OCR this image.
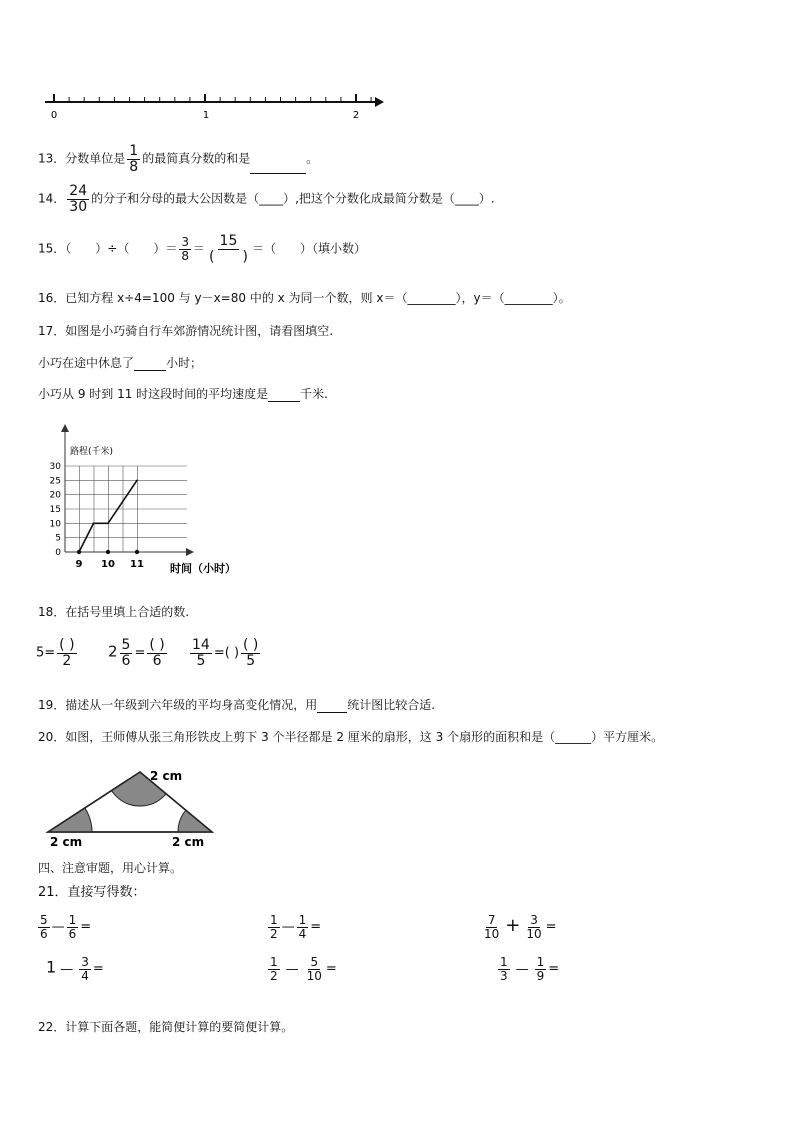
0	1	2
13．分数单位是 $\frac{1}{8}$ 的最简真分数的和是	。
14． $\frac{24}{30}$ 的分子和分母的最大公因数是（____）,把这个分数化成最简分数是（____）.
15．（　　）÷（　　）＝ $\frac{3}{8} = \frac{15}{( )}$ ＝（　　）（填小数）
16．已知方程 x÷4=100 与 y－x=80 中的 x 为同一个数，则 x＝（________），y＝（________）。
17．如图是小巧骑自行车郊游情况统计图，请看图填空.
小巧在途中休息了	小时；
小巧从 9 时到 11 时这段时间的平均速度是	千米.
路程(千米)
时间（小时）
0
5
10
15
20
25
30
9 10 11
18．在括号里填上合适的数.
$5= \frac{( )}{2} 2 \frac{5}{6} = \frac{( )}{6} \frac{14}{5}$ =( ) $\frac{( )}{5}$
19．描述从一年级到六年级的平均身高变化情况，用	统计图比较合适.
20．如图，王师傅从张三角形铁皮上剪下 3 个半径都是 2 厘米的扇形，这 3 个扇形的面积和是（______）平方厘米。
2 cm
2 cm	2 cm
四、注意审题，用心计算。
21．直接写得数：
$\frac{5}{6}$ — $\frac{1}{6}$ =	$\frac{1}{2}$ — $\frac{1}{4}$ =	$\frac{7}{10} + \frac{3}{10}$ =
1 — $\frac{3}{4}$ =	$\frac{1}{2}$ — $\frac{5}{10}$ =	$\frac{1}{3}$ — $\frac{1}{9}$ =
22．计算下面各题，能简便计算的要简便计算。
